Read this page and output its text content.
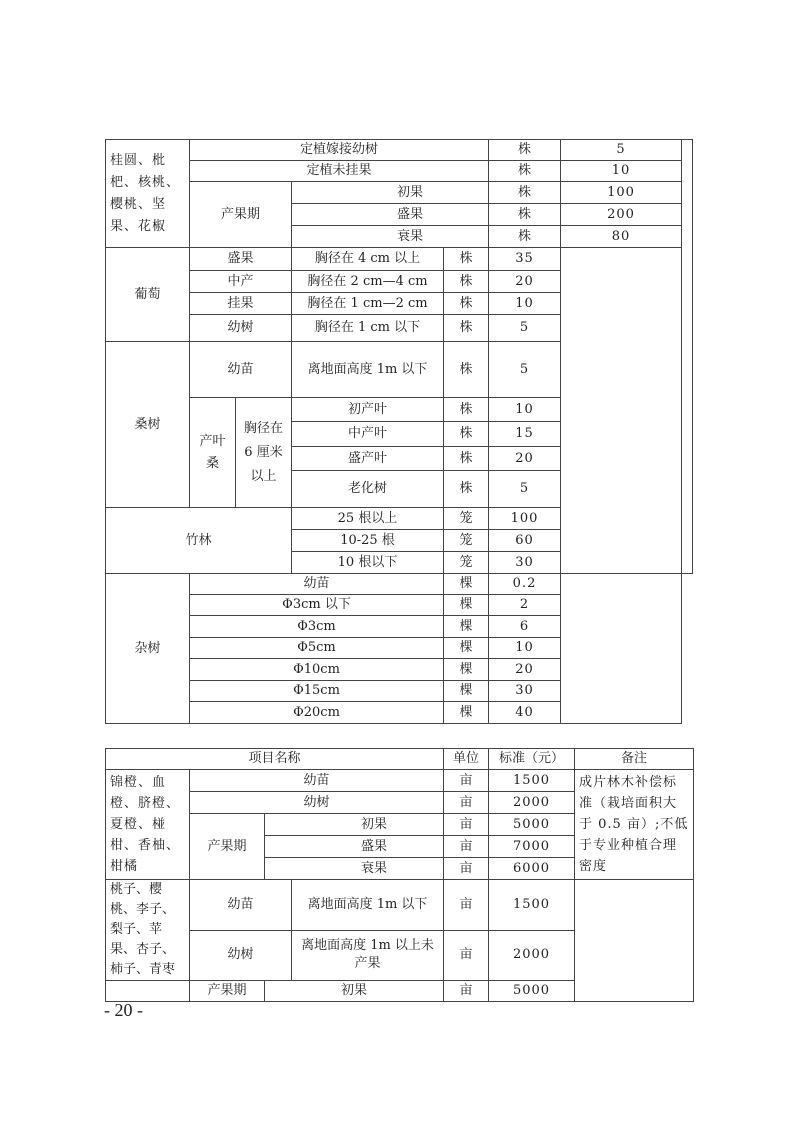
桂圆、枇杷、核桃、樱桃、坚果、花椒	定植嫁接幼树				株	5	
	定植未挂果				株	10	
	产果期		初果		株	100	
			盛果		株	200	
			衰果		株	80	
葡萄	盛果		胸径在 4 cm 以上	株	35		
	中产		胸径在 2 cm—4 cm	株	20		
	挂果		胸径在 1 cm—2 cm	株	10		
	幼树		胸径在 1 cm 以下	株	5		
桑树	幼苗		离地面高度 1m 以下	株	5		
	产叶桑	胸径在 6 厘米以上	初产叶	株	10		
			中产叶	株	15		
			盛产叶	株	20		
			老化树	株	5		
竹林			25 根以上	笼	100		
			10-25 根	笼	60		
			10 根以下	笼	30		
杂树	幼苗			棵	0.2		
	Φ3cm 以下			棵	2		
	Φ3cm			棵	6		
	Φ5cm			棵	10		
	Φ10cm			棵	20		
	Φ15cm			棵	30		
	Φ20cm			棵	40		
项目名称				单位	标准（元）	备注
锦橙、血橙、脐橙、夏橙、椪柑、香柚、柑橘	幼苗			亩	1500	成片林木补偿标准（栽培面积大于 0.5 亩）;不低于专业种植合理密度
	幼树			亩	2000	
	产果期	初果		亩	5000	
		盛果		亩	7000	
		衰果		亩	6000	
桃子、樱桃、李子、梨子、苹果、杏子、柿子、青枣	幼苗		离地面高度 1m 以下	亩	1500	
	幼树		离地面高度 1m 以上未产果	亩	2000	
	产果期	初果		亩	5000	
- 20 -
